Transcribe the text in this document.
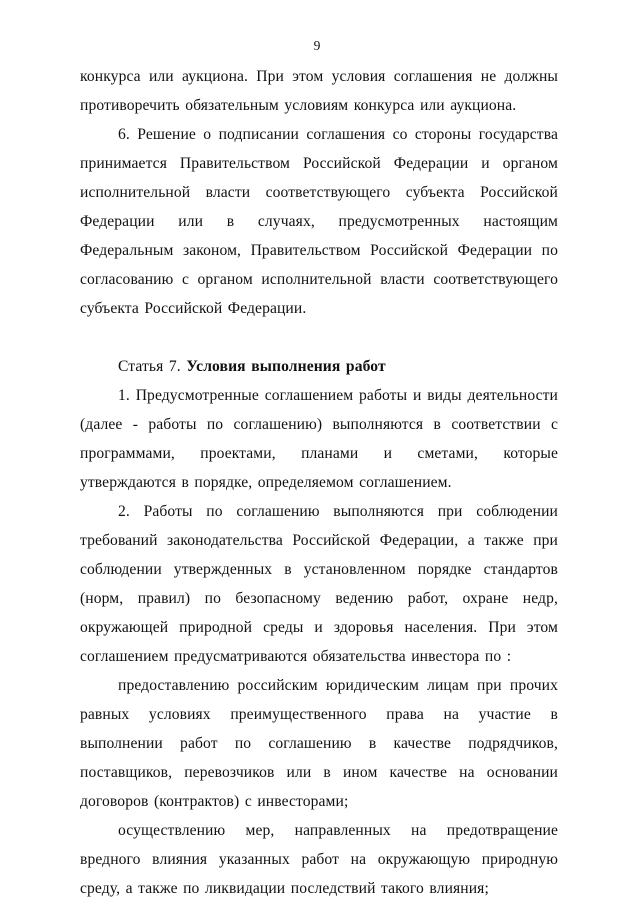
9

конкурса или аукциона. При этом условия соглашения не должны противоречить обязательным условиям конкурса или аукциона.

6. Решение о подписании соглашения со стороны государства принимается Правительством Российской Федерации и органом исполнительной власти соответствующего субъекта Российской Федерации или в случаях, предусмотренных настоящим Федеральным законом, Правительством Российской Федерации по согласованию с органом исполнительной власти соответствующего субъекта Российской Федерации.

Статья 7. Условия выполнения работ

1. Предусмотренные соглашением работы и виды деятельности (далее - работы по соглашению) выполняются в соответствии с программами, проектами, планами и сметами, которые утверждаются в порядке, определяемом соглашением.

2. Работы по соглашению выполняются при соблюдении требований законодательства Российской Федерации, а также при соблюдении утвержденных в установленном порядке стандартов (норм, правил) по безопасному ведению работ, охране недр, окружающей природной среды и здоровья населения. При этом соглашением предусматриваются обязательства инвестора по :

предоставлению российским юридическим лицам при прочих равных условиях преимущественного права на участие в выполнении работ по соглашению в качестве подрядчиков, поставщиков, перевозчиков или в ином качестве на основании договоров (контрактов) с инвесторами;

осуществлению мер, направленных на предотвращение вредного влияния указанных работ на окружающую природную среду, а также по ликвидации последствий такого влияния;
